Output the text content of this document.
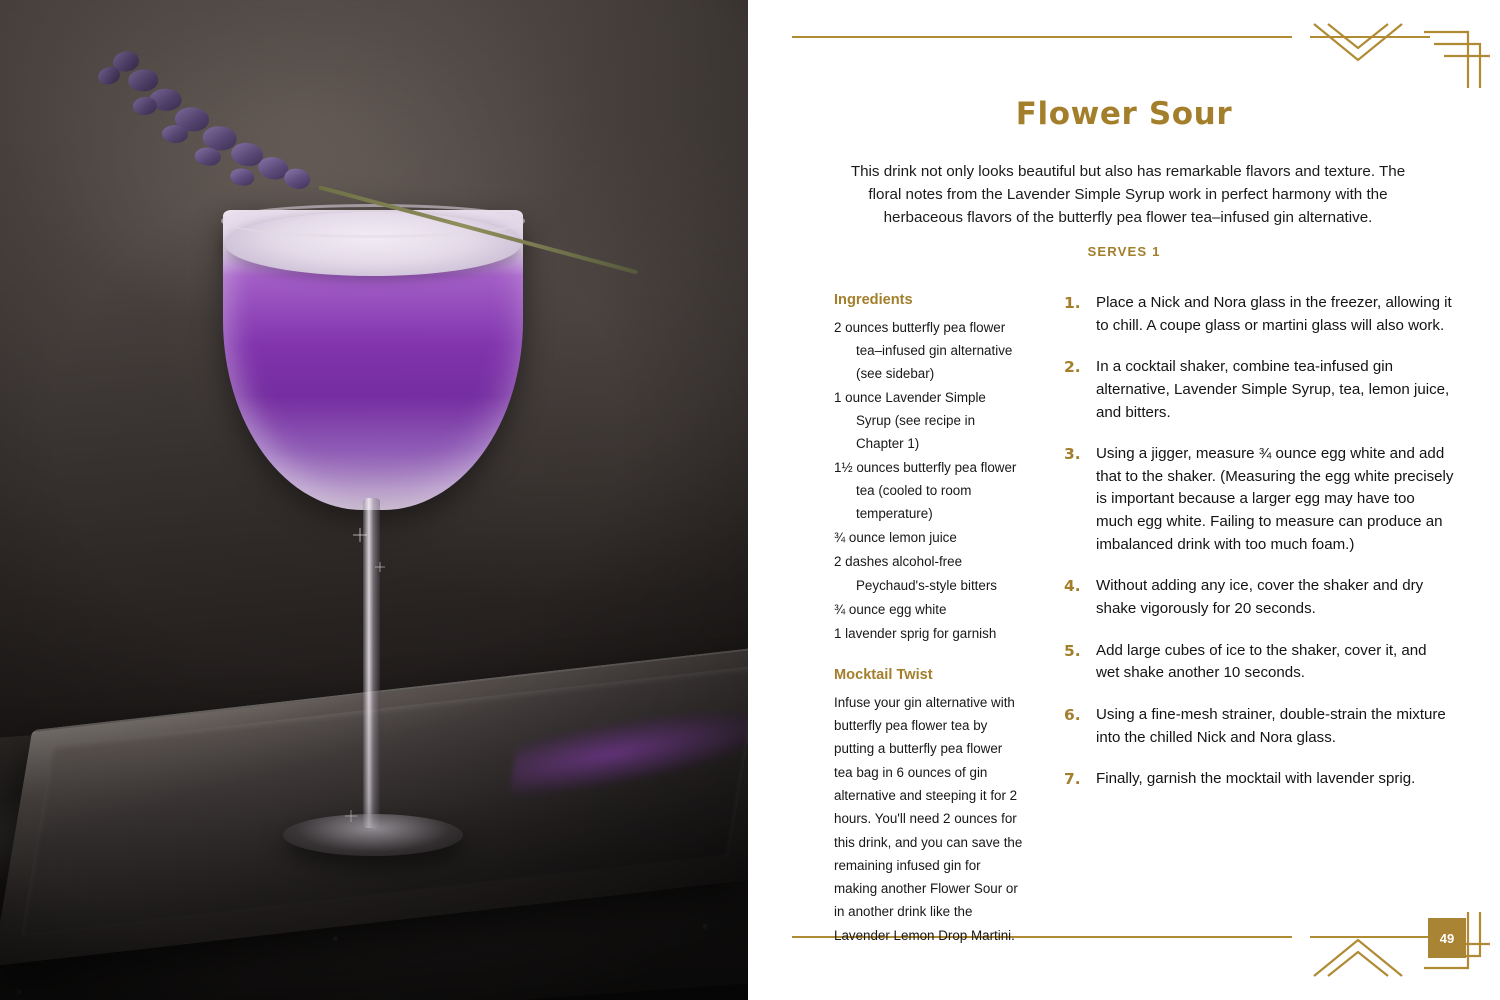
Flower Sour
This drink not only looks beautiful but also has remarkable flavors and texture. The floral notes from the Lavender Simple Syrup work in perfect harmony with the herbaceous flavors of the butterfly pea flower tea–infused gin alternative.
SERVES 1
Ingredients
2 ounces butterfly pea flower tea–infused gin alternative (see sidebar)
1 ounce Lavender Simple Syrup (see recipe in Chapter 1)
1½ ounces butterfly pea flower tea (cooled to room temperature)
¾ ounce lemon juice
2 dashes alcohol-free Peychaud's-style bitters
¾ ounce egg white
1 lavender sprig for garnish
Mocktail Twist

Infuse your gin alternative with butterfly pea flower tea by putting a butterfly pea flower tea bag in 6 ounces of gin alternative and steeping it for 2 hours. You'll need 2 ounces for this drink, and you can save the remaining infused gin for making another Flower Sour or in another drink like the Lavender Lemon Drop Martini.

1. Place a Nick and Nora glass in the freezer, allowing it to chill. A coupe glass or martini glass will also work.
2. In a cocktail shaker, combine tea-infused gin alternative, Lavender Simple Syrup, tea, lemon juice, and bitters.
3. Using a jigger, measure ¾ ounce egg white and add that to the shaker. (Measuring the egg white precisely is important because a larger egg may have too much egg white. Failing to measure can produce an imbalanced drink with too much foam.)
4. Without adding any ice, cover the shaker and dry shake vigorously for 20 seconds.
5. Add large cubes of ice to the shaker, cover it, and wet shake another 10 seconds.
6. Using a fine-mesh strainer, double-strain the mixture into the chilled Nick and Nora glass.
7. Finally, garnish the mocktail with lavender sprig.
49
